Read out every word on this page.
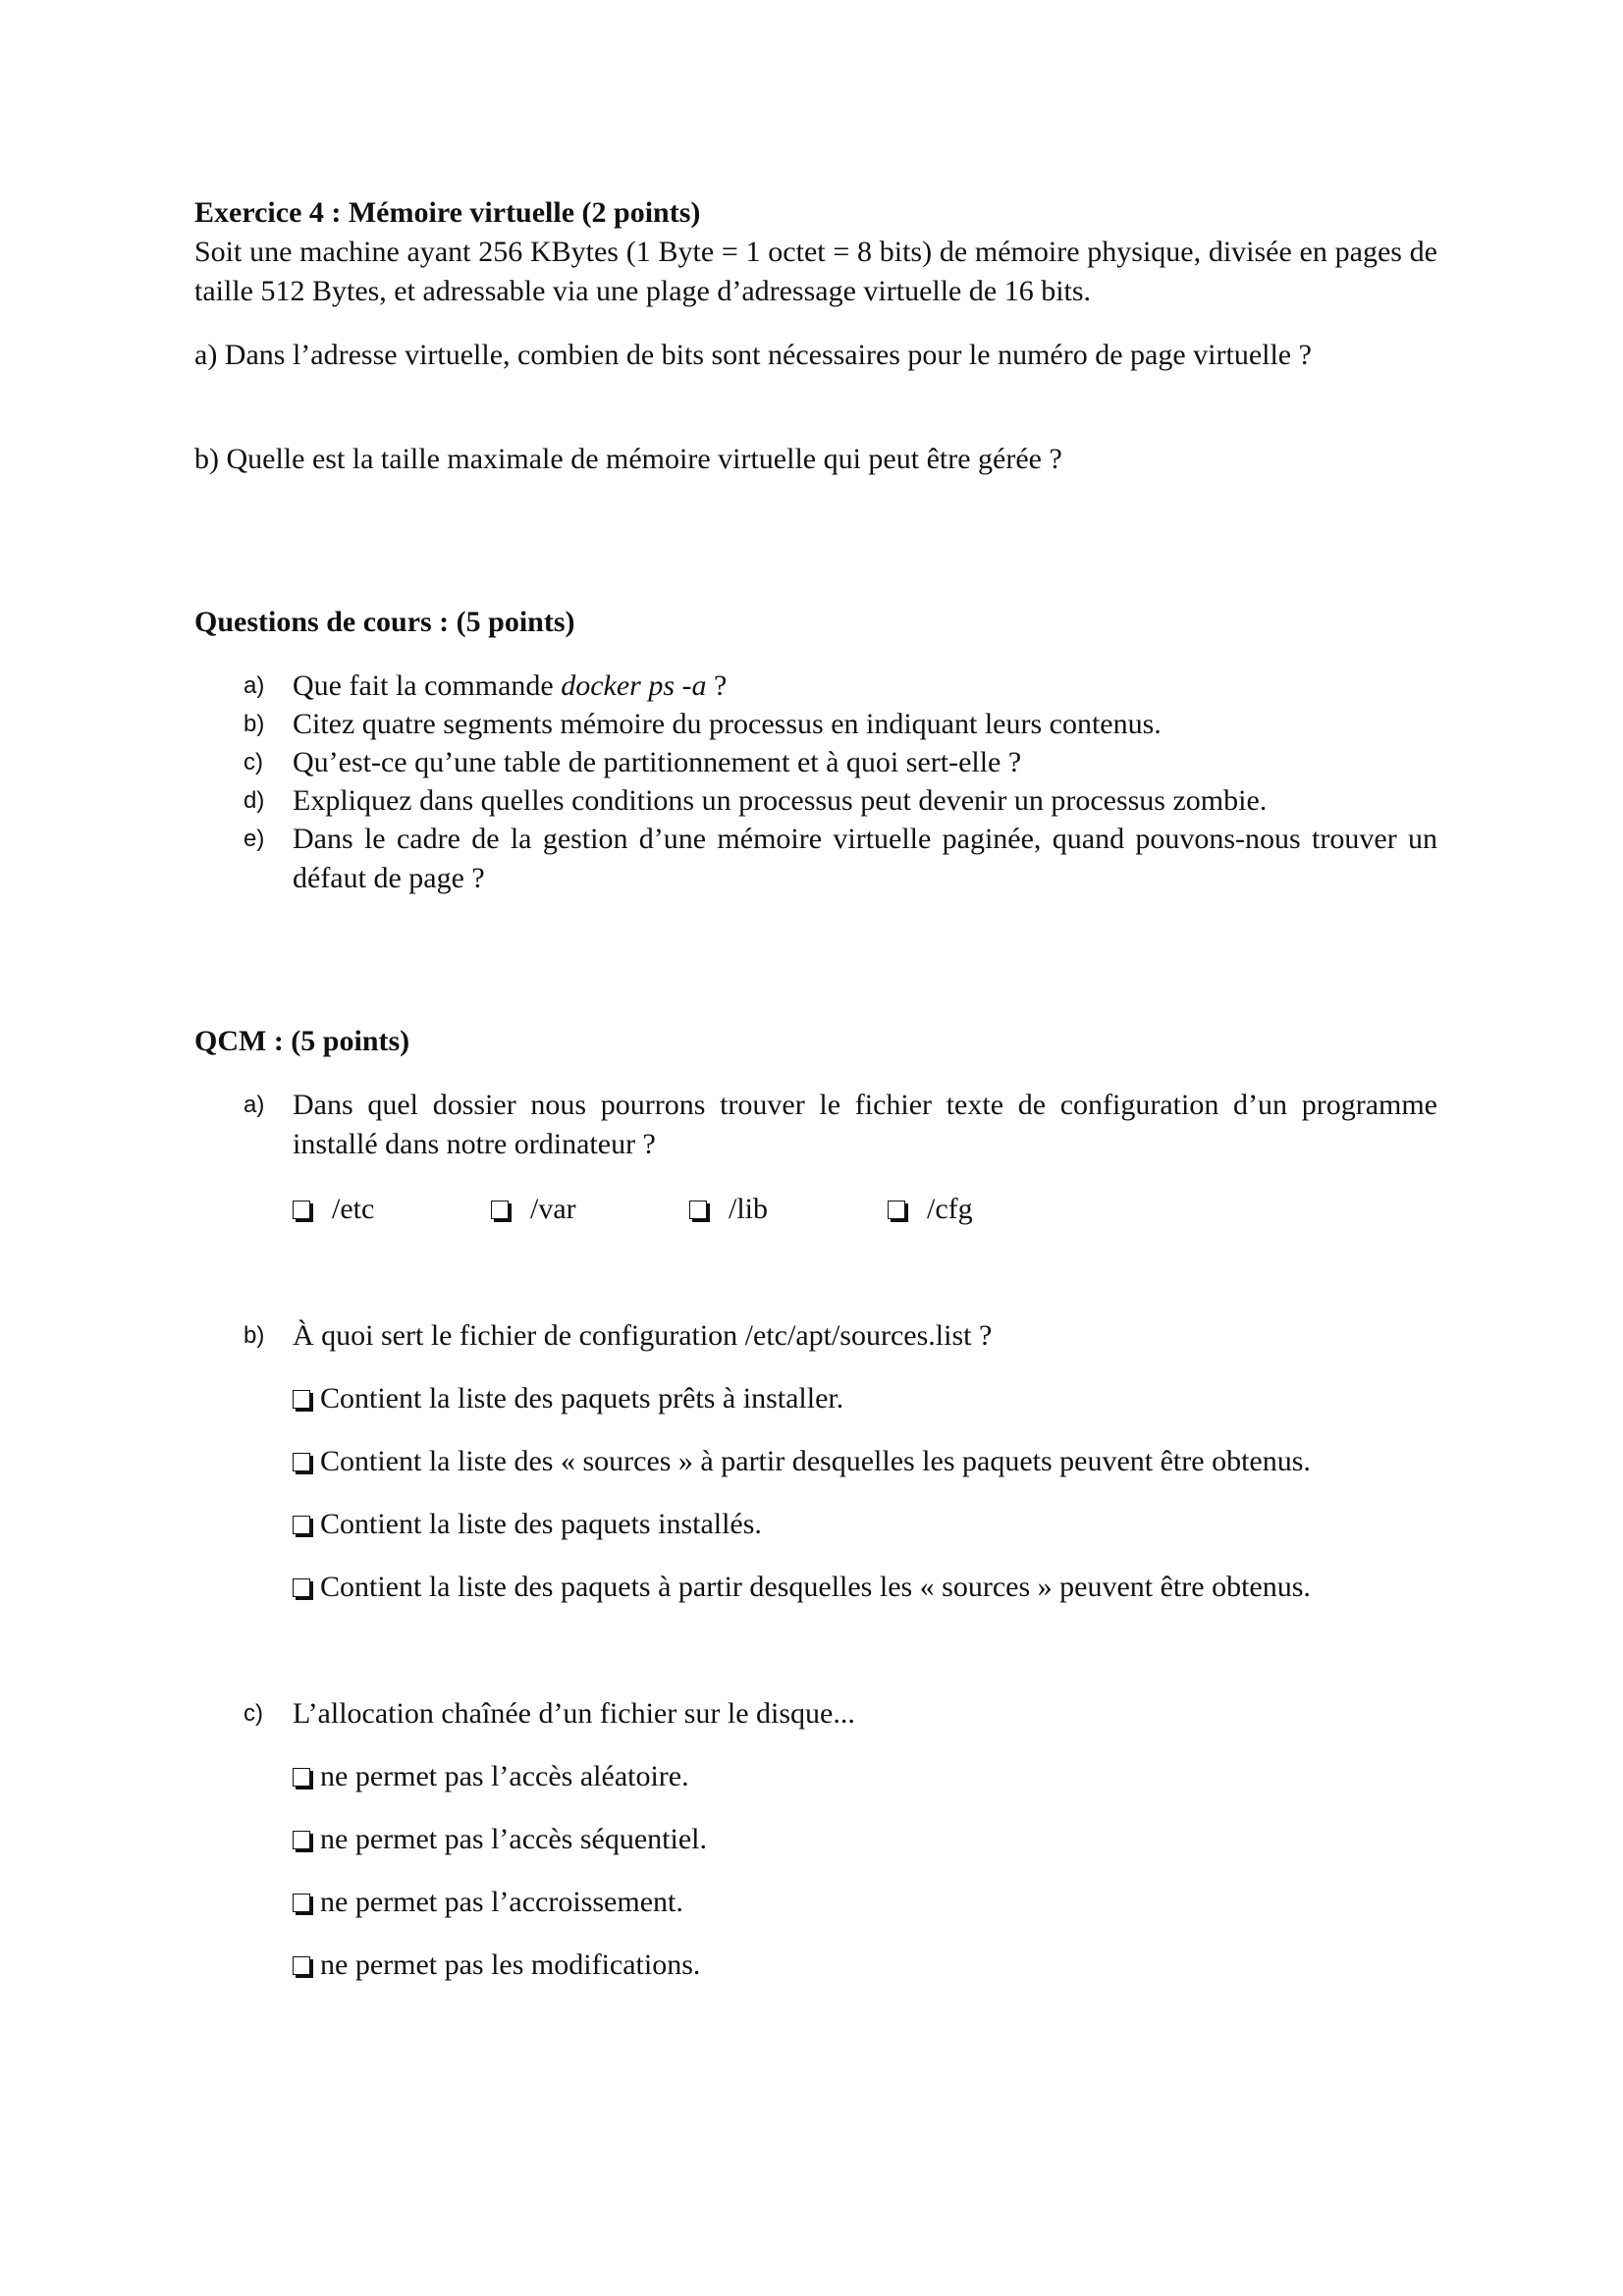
Exercice 4 : Mémoire virtuelle (2 points)
Soit une machine ayant 256 KBytes (1 Byte = 1 octet = 8 bits) de mémoire physique, divisée en pages de taille 512 Bytes, et adressable via une plage d’adressage virtuelle de 16 bits.
a) Dans l’adresse virtuelle, combien de bits sont nécessaires pour le numéro de page virtuelle ?
b) Quelle est la taille maximale de mémoire virtuelle qui peut être gérée ?
Questions de cours : (5 points)
a) Que fait la commande docker ps -a ?
b) Citez quatre segments mémoire du processus en indiquant leurs contenus.
c) Qu’est-ce qu’une table de partitionnement et à quoi sert-elle ?
d) Expliquez dans quelles conditions un processus peut devenir un processus zombie.
e) Dans le cadre de la gestion d’une mémoire virtuelle paginée, quand pouvons-nous trouver un défaut de page ?
QCM : (5 points)
a) Dans quel dossier nous pourrons trouver le fichier texte de configuration d’un programme installé dans notre ordinateur ?
/etc	/var	/lib	/cfg
b) À quoi sert le fichier de configuration /etc/apt/sources.list ?
Contient la liste des paquets prêts à installer.
Contient la liste des « sources » à partir desquelles les paquets peuvent être obtenus.
Contient la liste des paquets installés.
Contient la liste des paquets à partir desquelles les « sources » peuvent être obtenus.
c) L’allocation chaînée d’un fichier sur le disque...
ne permet pas l’accès aléatoire.
ne permet pas l’accès séquentiel.
ne permet pas l’accroissement.
ne permet pas les modifications.
